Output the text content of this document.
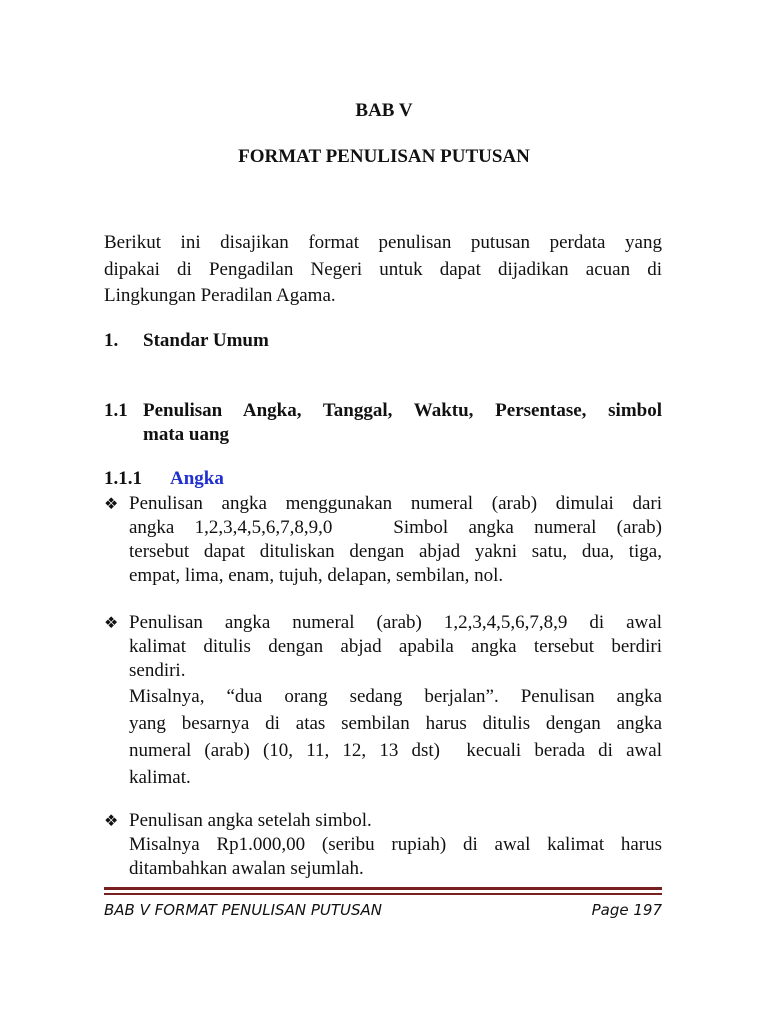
BAB V
FORMAT PENULISAN PUTUSAN
Berikut ini disajikan format penulisan putusan perdata yang
dipakai di Pengadilan Negeri untuk dapat dijadikan acuan di
Lingkungan Peradilan Agama.
1. Standar Umum
1.1 Penulisan Angka, Tanggal, Waktu, Persentase, simbol
mata uang
1.1.1 Angka
❖ Penulisan angka menggunakan numeral (arab) dimulai dari
angka 1,2,3,4,5,6,7,8,9,0   Simbol angka numeral (arab)
tersebut dapat dituliskan dengan abjad yakni satu, dua, tiga,
empat, lima, enam, tujuh, delapan, sembilan, nol.
❖ Penulisan angka numeral (arab) 1,2,3,4,5,6,7,8,9 di awal
kalimat ditulis dengan abjad apabila angka tersebut berdiri
sendiri.
Misalnya, “dua orang sedang berjalan”. Penulisan angka
yang besarnya di atas sembilan harus ditulis dengan angka
numeral (arab) (10, 11, 12, 13 dst)  kecuali berada di awal
kalimat.
❖ Penulisan angka setelah simbol.
Misalnya Rp1.000,00 (seribu rupiah) di awal kalimat harus
ditambahkan awalan sejumlah.
BAB V FORMAT PENULISAN PUTUSAN	Page 197
